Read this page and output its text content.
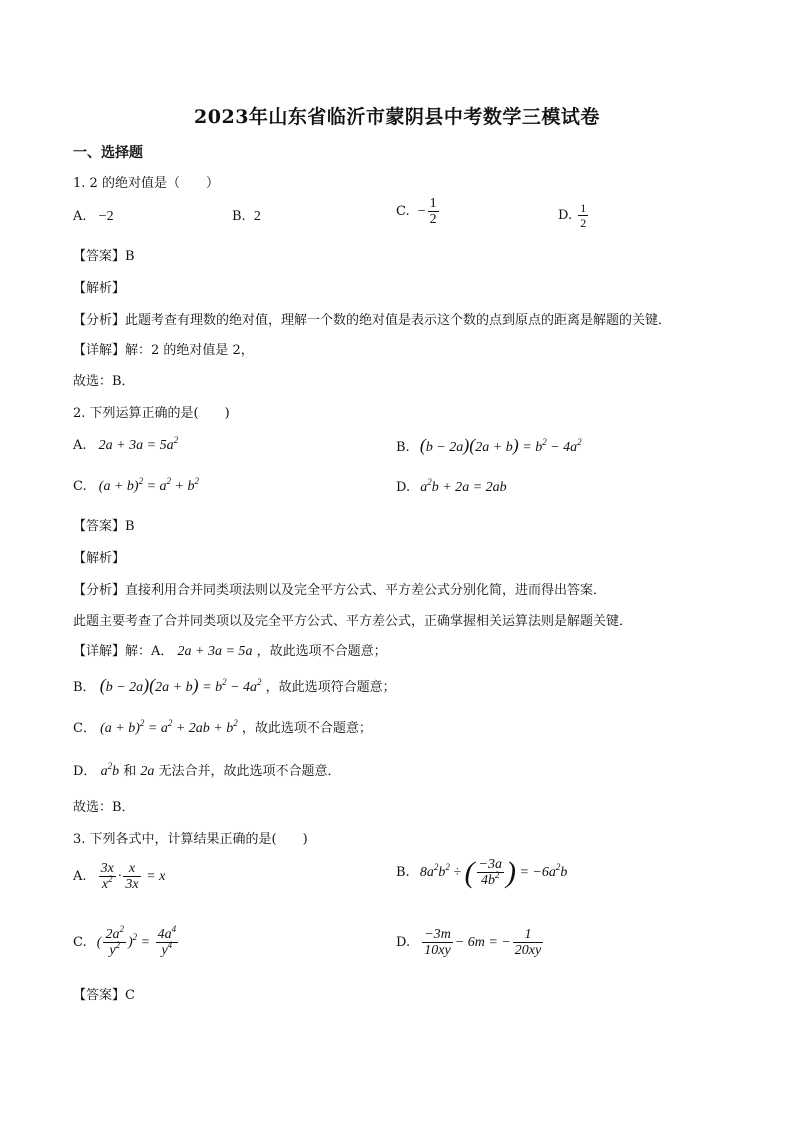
2023年山东省临沂市蒙阴县中考数学三模试卷
一、选择题
1. 2 的绝对值是（　　）
A. −2	B. 2	C. − $\frac{1}{2}$	D. $\frac{1}{2}$
【答案】B
【解析】
【分析】此题考查有理数的绝对值，理解一个数的绝对值是表示这个数的点到原点的距离是解题的关键．
【详解】解：2 的绝对值是 2，
故选：B．
2. 下列运算正确的是(　　)
A. $2a + 3a = 5a^2$	B. $(b - 2a)(2a + b) = b^2 - 4a^2$
C. $(a + b)^2 = a^2 + b^2$	D. $a^2b + 2a = 2ab$
【答案】B
【解析】
【分析】直接利用合并同类项法则以及完全平方公式、平方差公式分别化简，进而得出答案．
此题主要考查了合并同类项以及完全平方公式、平方差公式，正确掌握相关运算法则是解题关键．
【详解】解：A． 2a + 3a = 5a ，故此选项不合题意；
B． $(b - 2a)(2a + b) = b^2 - 4a^2$ ，故此选项符合题意；
C． $(a + b)^2 = a^2 + 2ab + b^2$ ，故此选项不合题意；
D． $a^2b$ 和 2a 无法合并，故此选项不合题意．
故选：B．
3. 下列各式中，计算结果正确的是(　　)
A. $\frac{3x}{x^2} \cdot \frac{x}{3x} = x$	B. $8a^2b^2$ ÷ ( $\frac{-3a}{4b^2}$ ) = $-6a^2b$
C. ( $\frac{2a^2}{y^2} )^2 = \frac{4a^4}{y^4}$	D. $\frac{-3m}{10xy} - 6m$ = − $\frac{1}{20xy}$
【答案】C
